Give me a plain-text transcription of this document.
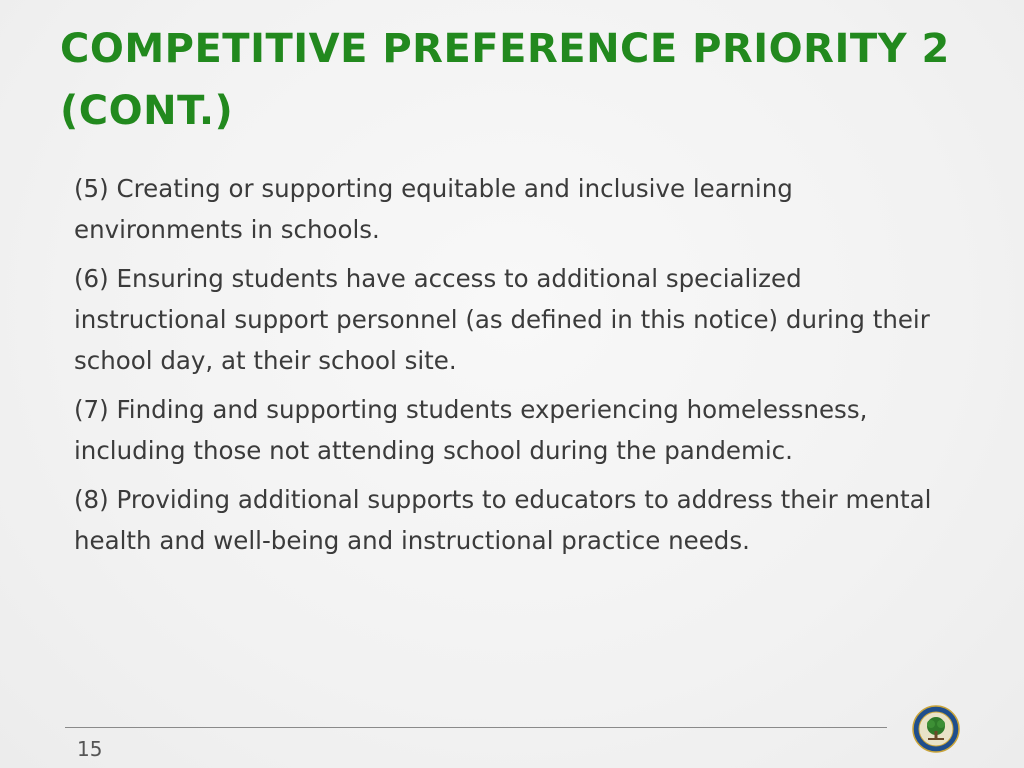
COMPETITIVE PREFERENCE PRIORITY 2 (CONT.)
(5) Creating or supporting equitable and inclusive learning environments in schools.
(6) Ensuring students have access to additional specialized instructional support personnel (as defined in this notice) during their school day, at their school site.
(7) Finding and supporting students experiencing homelessness, including those not attending school during the pandemic.
(8) Providing additional supports to educators to address their mental health and well-being and instructional practice needs.
15
